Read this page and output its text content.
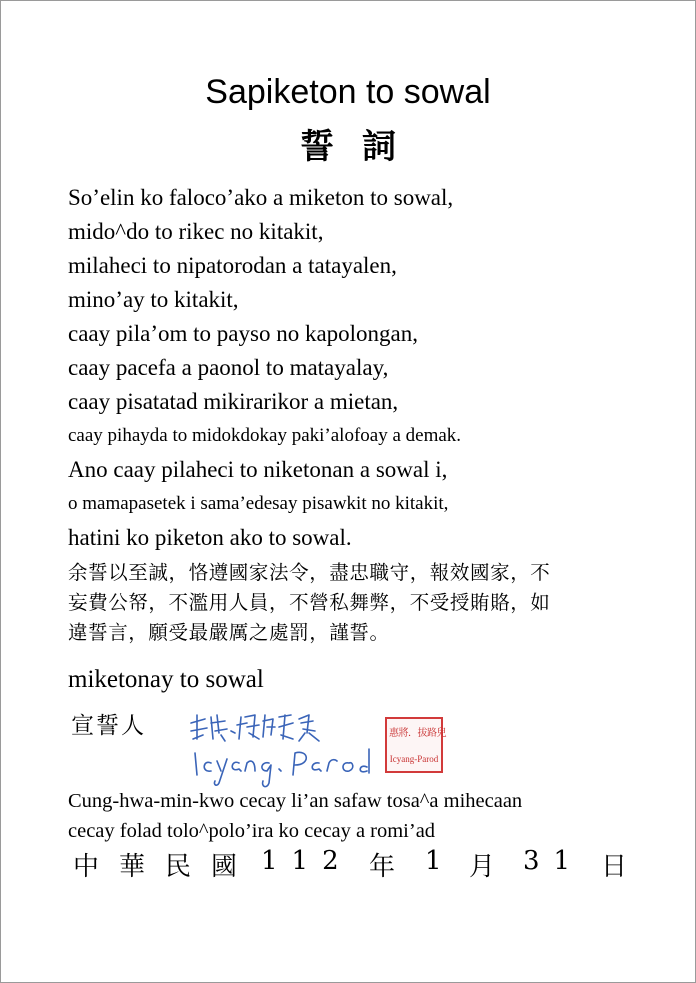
Sapiketon to sowal
誓詞
So’elin ko faloco’ako a miketon to sowal,
mido^do to rikec no kitakit,
milaheci to nipatorodan a tatayalen,
mino’ay to kitakit,
caay pila’om to payso no kapolongan,
caay pacefa a paonol to matayalay,
caay pisatatad mikirarikor a mietan,
caay pihayda to midokdokay paki’alofoay a demak.
Ano caay pilaheci to niketonan a sowal i,
o mamapasetek i sama’edesay pisawkit no kitakit,
hatini ko piketon ako to sowal.
余誓以至誠，恪遵國家法令，盡忠職守，報效國家，不
妄費公帑，不濫用人員，不營私舞弊，不受授賄賂，如
違誓言，願受最嚴厲之處罰，謹誓。
miketonay to sowal
宣誓人	惠將．拔路兒
Icyang-Parod
Cung-hwa-min-kwo cecay li’an safaw tosa^a mihecaan
cecay folad tolo^polo’ira ko cecay a romi’ad
中華民國 112 年 1 月 31 日
